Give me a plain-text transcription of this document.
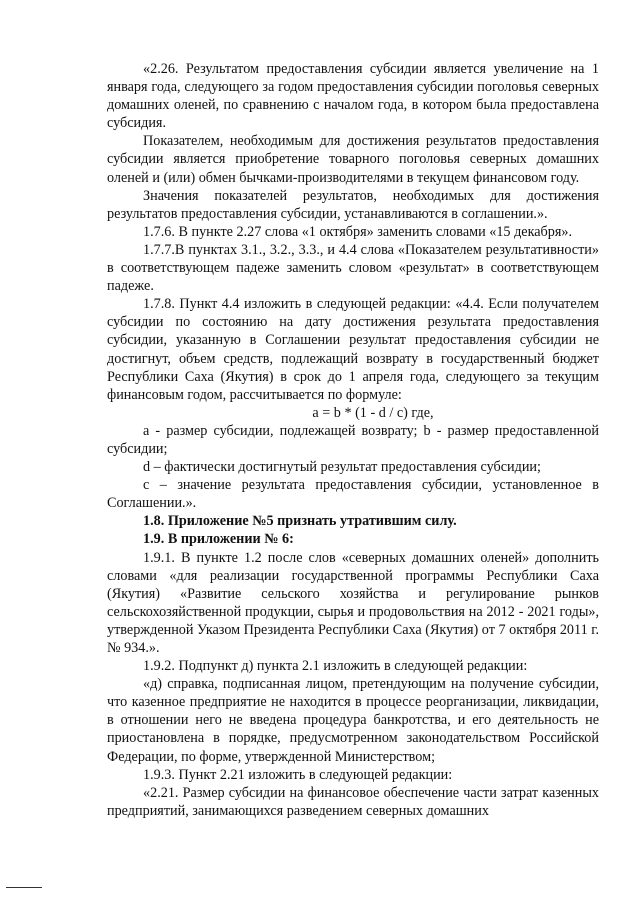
«2.26. Результатом предоставления субсидии является увеличение на 1 января года, следующего за годом предоставления субсидии поголовья северных домашних оленей, по сравнению с началом года, в котором была предоставлена субсидия.

Показателем, необходимым для достижения результатов предоставления субсидии является приобретение товарного поголовья северных домашних оленей и (или) обмен бычками-производителями в текущем финансовом году.

Значения показателей результатов, необходимых для достижения результатов предоставления субсидии, устанавливаются в соглашении.».

1.7.6. В пункте 2.27 слова «1 октября» заменить словами «15 декабря».

1.7.7.В пунктах 3.1., 3.2., 3.3., и 4.4 слова «Показателем результативности» в соответствующем падеже заменить словом «результат» в соответствующем падеже.

1.7.8. Пункт 4.4 изложить в следующей редакции: «4.4. Если получателем субсидии по состоянию на дату достижения результата предоставления субсидии, указанную в Соглашении результат предоставления субсидии не достигнут, объем средств, подлежащий возврату в государственный бюджет Республики Саха (Якутия) в срок до 1 апреля года, следующего за текущим финансовым годом, рассчитывается по формуле:

a = b * (1 - d / c) где,

a - размер субсидии, подлежащей возврату; b - размер предоставленной субсидии;

d – фактически достигнутый результат предоставления субсидии;

c – значение результата предоставления субсидии, установленное в Соглашении.».

1.8. Приложение №5 признать утратившим силу.

1.9. В приложении № 6:

1.9.1. В пункте 1.2 после слов «северных домашних оленей» дополнить словами «для реализации государственной программы Республики Саха (Якутия) «Развитие сельского хозяйства и регулирование рынков сельскохозяйственной продукции, сырья и продовольствия на 2012 - 2021 годы», утвержденной Указом Президента Республики Саха (Якутия) от 7 октября 2011 г. № 934.».

1.9.2. Подпункт д) пункта 2.1 изложить в следующей редакции:

«д) справка, подписанная лицом, претендующим на получение субсидии, что казенное предприятие не находится в процессе реорганизации, ликвидации, в отношении него не введена процедура банкротства, и его деятельность не приостановлена в порядке, предусмотренном законодательством Российской Федерации, по форме, утвержденной Министерством;

1.9.3. Пункт 2.21 изложить в следующей редакции:

«2.21. Размер субсидии на финансовое обеспечение части затрат казенных предприятий, занимающихся разведением северных домашних
